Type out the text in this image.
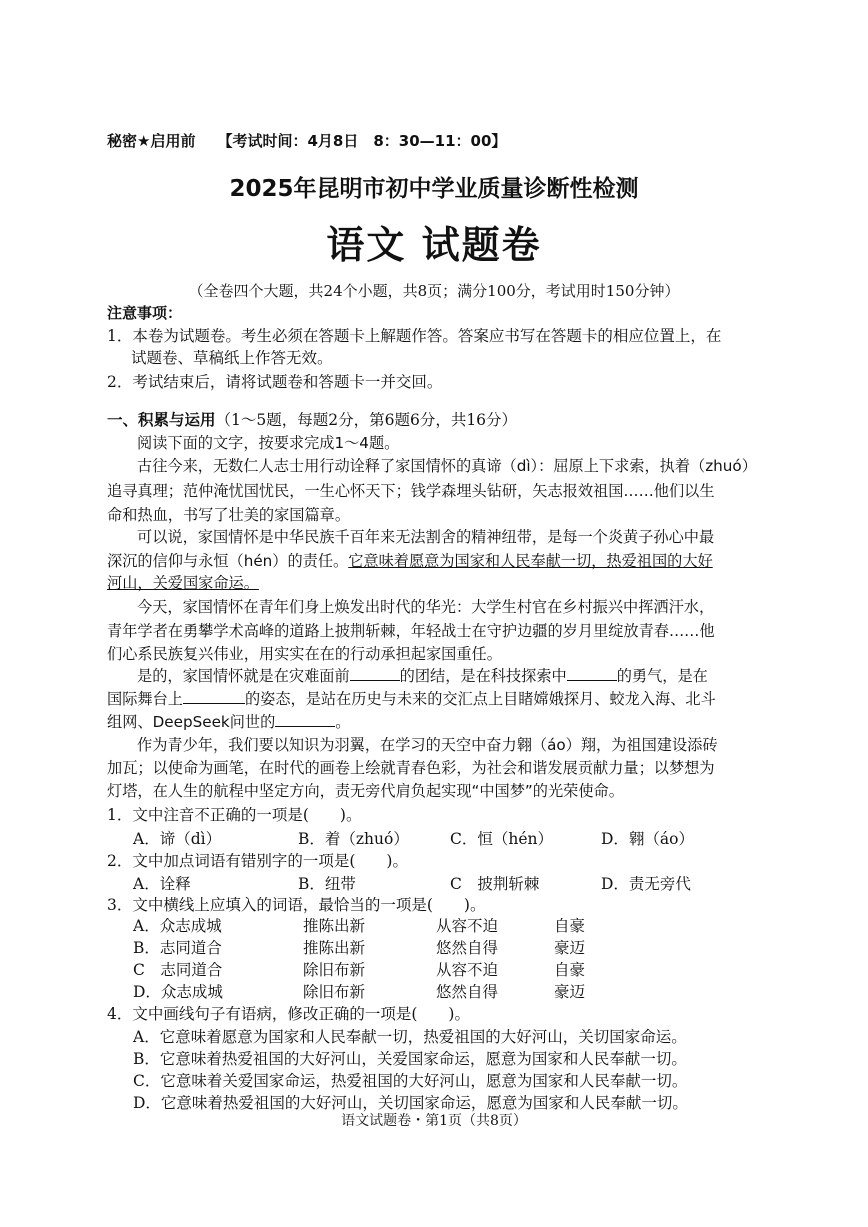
秘密★启用前 【考试时间：4月8日　8：30—11：00】
2025年昆明市初中学业质量诊断性检测
语文 试题卷
（全卷四个大题，共24个小题，共8页；满分100分，考试用时150分钟）
注意事项：
1．本卷为试题卷。考生必须在答题卡上解题作答。答案应书写在答题卡的相应位置上，在
试题卷、草稿纸上作答无效。
2．考试结束后，请将试题卷和答题卡一并交回。
一、积累与运用（1～5题，每题2分，第6题6分，共16分）
阅读下面的文字，按要求完成1～4题。
古往今来，无数仁人志士用行动诠释了家国情怀的真谛（dì）：屈原上下求索，执着（zhuó）
追寻真理；范仲淹忧国忧民，一生心怀天下；钱学森埋头钻研，矢志报效祖国……他们以生
命和热血，书写了壮美的家国篇章。
可以说，家国情怀是中华民族千百年来无法割舍的精神纽带，是每一个炎黄子孙心中最
深沉的信仰与永恒（hén）的责任。它意味着愿意为国家和人民奉献一切，热爱祖国的大好
河山，关爱国家命运。
今天，家国情怀在青年们身上焕发出时代的华光：大学生村官在乡村振兴中挥洒汗水，
青年学者在勇攀学术高峰的道路上披荆斩棘，年轻战士在守护边疆的岁月里绽放青春……他
们心系民族复兴伟业，用实实在在的行动承担起家国重任。
是的，家国情怀就是在灾难面前	的团结，是在科技探索中	的勇气，是在
国际舞台上	的姿态，是站在历史与未来的交汇点上目睹嫦娥探月、蛟龙入海、北斗
组网、DeepSeek问世的	。
作为青少年，我们要以知识为羽翼，在学习的天空中奋力翱（áo）翔，为祖国建设添砖
加瓦；以使命为画笔，在时代的画卷上绘就青春色彩，为社会和谐发展贡献力量；以梦想为
灯塔，在人生的航程中坚定方向，责无旁代肩负起实现“中国梦”的光荣使命。
1．文中注音不正确的一项是(　　)。
A．谛（dì）	B．着（zhuó）	C．恒（hén）	D．翱（áo）
2．文中加点词语有错别字的一项是(　　)。
A．诠释	B．纽带	C　披荆斩棘	D．责无旁代
3．文中横线上应填入的词语，最恰当的一项是(　　)。
A．众志成城	推陈出新	从容不迫	自豪
B．志同道合	推陈出新	悠然自得	豪迈
C　志同道合	除旧布新	从容不迫	自豪
D．众志成城	除旧布新	悠然自得	豪迈
4．文中画线句子有语病，修改正确的一项是(　　)。
A．它意味着愿意为国家和人民奉献一切，热爱祖国的大好河山，关切国家命运。
B．它意味着热爱祖国的大好河山，关爱国家命运，愿意为国家和人民奉献一切。
C．它意味着关爱国家命运，热爱祖国的大好河山，愿意为国家和人民奉献一切。
D．它意味着热爱祖国的大好河山，关切国家命运，愿意为国家和人民奉献一切。
语文试题卷・第1页（共8页）
